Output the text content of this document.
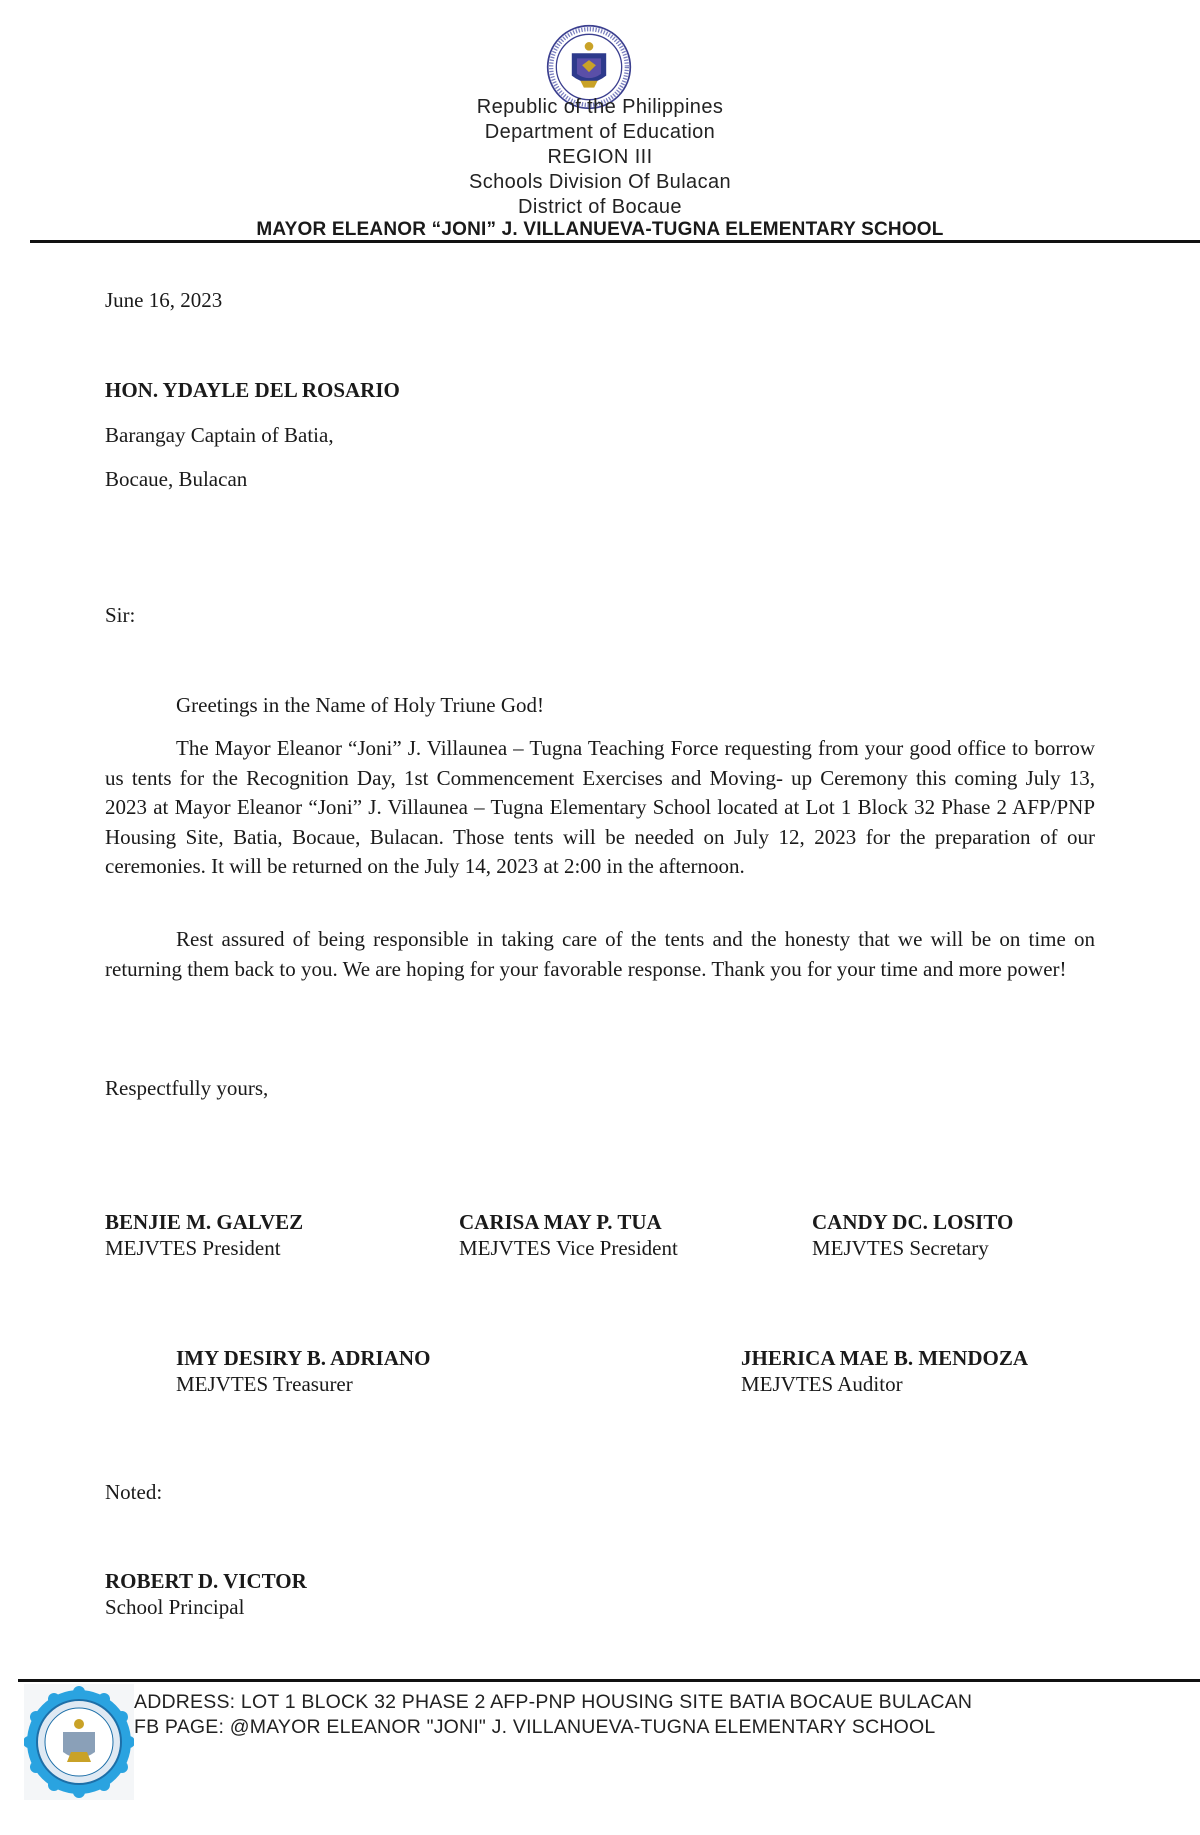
Republic of the Philippines
Department of Education
REGION III
Schools Division Of Bulacan
District of Bocaue
MAYOR ELEANOR “JONI” J. VILLANUEVA-TUGNA ELEMENTARY SCHOOL
June 16, 2023
HON. YDAYLE DEL ROSARIO
Barangay Captain of Batia,
Bocaue, Bulacan
Sir:
Greetings in the Name of Holy Triune God!

The Mayor Eleanor “Joni” J. Villaunea – Tugna Teaching Force requesting from your good office to borrow us tents for the Recognition Day, 1st Commencement Exercises and Moving- up Ceremony this coming July 13, 2023 at Mayor Eleanor “Joni” J. Villaunea – Tugna Elementary School located at Lot 1 Block 32 Phase 2 AFP/PNP Housing Site, Batia, Bocaue, Bulacan. Those tents will be needed on July 12, 2023 for the preparation of our ceremonies. It will be returned on the July 14, 2023 at 2:00 in the afternoon.

Rest assured of being responsible in taking care of the tents and the honesty that we will be on time on returning them back to you. We are hoping for your favorable response. Thank you for your time and more power!

Respectfully yours,
BENJIE M. GALVEZ
MEJVTES President
CARISA MAY P. TUA
MEJVTES Vice President
CANDY DC. LOSITO
MEJVTES Secretary
IMY DESIRY B. ADRIANO
MEJVTES Treasurer
JHERICA MAE B. MENDOZA
MEJVTES Auditor
Noted:
ROBERT D. VICTOR
School Principal
ADDRESS: LOT 1 BLOCK 32 PHASE 2 AFP-PNP HOUSING SITE BATIA BOCAUE BULACAN
FB PAGE: @MAYOR ELEANOR "JONI" J. VILLANUEVA-TUGNA ELEMENTARY SCHOOL
